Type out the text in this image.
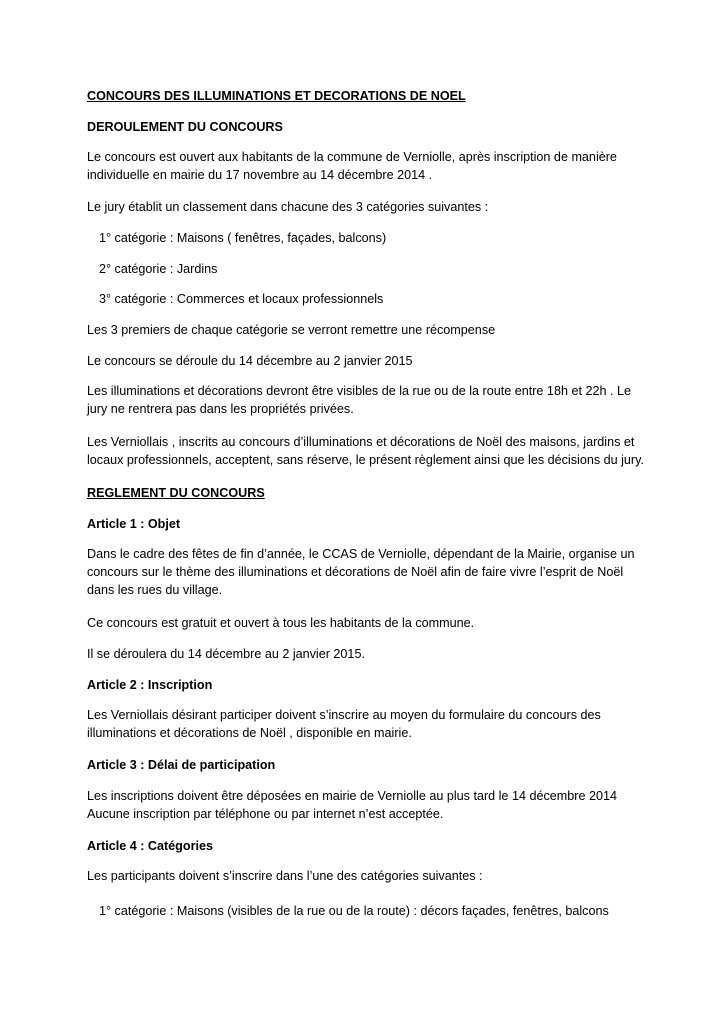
CONCOURS DES ILLUMINATIONS ET DECORATIONS DE NOEL

DEROULEMENT DU CONCOURS

Le concours est ouvert aux habitants de la commune de Vernіolle, après inscription de manière
individuelle en mairie du 17 novembre au 14 décembre 2014 .

Le jury établit un classement dans chacune des 3 catégories suivantes :

1° catégorie : Maisons ( fenêtres, façades, balcons)

2° catégorie : Jardins

3° catégorie : Commerces et locaux professionnels

Les 3 premiers de chaque catégorie se verront remettre une récompense

Le concours se déroule du 14 décembre au 2 janvier 2015

Les illuminations et décorations devront être visibles de la rue ou de la route entre 18h et 22h . Le
jury ne rentrera pas dans les propriétés privées.

Les Verniollais , inscrits au concours d’illuminations et décorations de Noël des maisons, jardins et
locaux professionnels, acceptent, sans réserve, le présent règlement ainsi que les décisions du jury.

REGLEMENT DU CONCOURS

Article 1 : Objet

Dans le cadre des fêtes de fin d’année, le CCAS de Verniolle, dépendant de la Mairie, organise un
concours sur le thème des illuminations et décorations de Noël afin de faire vivre l’esprit de Noël
dans les rues du village.

Ce concours est gratuit et ouvert à tous les habitants de la commune.

Il se déroulera du 14 décembre au 2 janvier 2015.

Article 2 : Inscription

Les Verniollais désirant participer doivent s’inscrire au moyen du formulaire du concours des
illuminations et décorations de Noël , disponible en mairie.

Article 3 : Délai de participation

Les inscriptions doivent être déposées en mairie de Verniolle au plus tard le 14 décembre 2014
Aucune inscription par téléphone ou par internet n’est acceptée.

Article 4 : Catégories

Les participants doivent s’inscrire dans l’une des catégories suivantes :

1° catégorie : Maisons (visibles de la rue ou de la route) : décors façades, fenêtres, balcons
